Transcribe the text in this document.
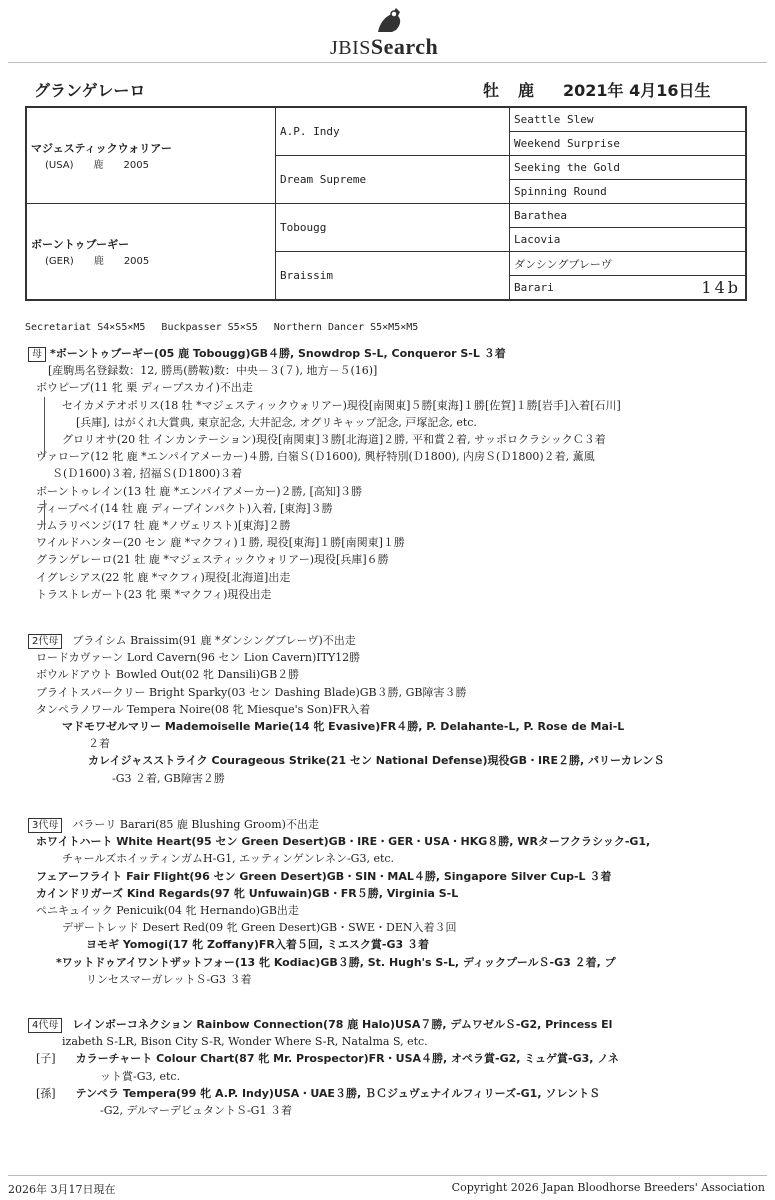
JBISSearch
グランゲレーロ	牡 鹿 2021年 4月16日生
マジェスティックウォリアー
(USA)　　鹿　　2005	A.P. Indy	Seattle Slew
		Weekend Surprise
	Dream Supreme	Seeking the Gold
		Spinning Round

ボーントゥブーギー
(GER)　　鹿　　2005	Tobougg	Barathea
		Lacovia
	Braissim	ダンシングブレーヴ
		Barari 14b
Secretariat S4×S5×M5　 Buckpasser S5×S5　 Northern Dancer S5×M5×M5
母 *ボーントゥブーギー(05 鹿 Tobougg)GB４勝, Snowdrop S-L, Conqueror S-L ３着
[産駒馬名登録数：12, 勝馬(勝鞍)数：中央－３(７), 地方－５(16)]
ボウピープ(11 牝 栗 ディープスカイ)不出走
セイカメテオポリス(18 牡 *マジェスティックウォリアー)現役[南関東]５勝[東海]１勝[佐賀]１勝[岩手]入着[石川]
[兵庫], はがくれ大賞典, 東京記念, 大井記念, オグリキャップ記念, 戸塚記念, etc.
グロリオサ(20 牡 インカンテーション)現役[南関東]３勝[北海道]２勝, 平和賞２着, サッポロクラシックＣ３着
ヴァローア(12 牝 鹿 *エンパイアメーカー)４勝, 白嶺Ｓ(Ｄ1600), 興杼特別(Ｄ1800), 内房Ｓ(Ｄ1800)２着, 薫風
Ｓ(Ｄ1600)３着, 招福Ｓ(Ｄ1800)３着
ボーントゥレイン(13 牡 鹿 *エンパイアメーカー)２勝, [高知]３勝
ディープベイ(14 牡 鹿 ディープインパクト)入着, [東海]３勝
ナムラリベンジ(17 牡 鹿 *ノヴェリスト)[東海]２勝
ワイルドハンター(20 セン 鹿 *マクフィ)１勝, 現役[東海]１勝[南関東]１勝
グランゲレーロ(21 牡 鹿 *マジェスティックウォリアー)現役[兵庫]６勝
イグレシアス(22 牝 鹿 *マクフィ)現役[北海道]出走
トラストレガート(23 牝 栗 *マクフィ)現役出走
2代母 ブライシム Braissim(91 鹿 *ダンシングブレーヴ)不出走
ロードカヴァーン Lord Cavern(96 セン Lion Cavern)ITY12勝
ボウルドアウト Bowled Out(02 牝 Dansili)GB２勝
ブライトスパークリー Bright Sparky(03 セン Dashing Blade)GB３勝, GB障害３勝
タンペラノワール Tempera Noire(08 牝 Miesque's Son)FR入着
マドモワゼルマリー Mademoiselle Marie(14 牝 Evasive)FR４勝, P. Delahante-L, P. Rose de Mai-L
２着
カレイジャスストライク Courageous Strike(21 セン National Defense)現役GB・IRE２勝, パリーカレンＳ
-G3 ２着, GB障害２勝
3代母 バラーリ Barari(85 鹿 Blushing Groom)不出走
ホワイトハート White Heart(95 セン Green Desert)GB・IRE・GER・USA・HKG８勝, WRターフクラシック-G1,
チャールズホイッティンガムH-G1, エッティンゲンレネン-G3, etc.
フェアーフライト Fair Flight(96 セン Green Desert)GB・SIN・MAL４勝, Singapore Silver Cup-L ３着
カインドリガーズ Kind Regards(97 牝 Unfuwain)GB・FR５勝, Virginia S-L
ペニキュイック Penicuik(04 牝 Hernando)GB出走
デザートレッド Desert Red(09 牝 Green Desert)GB・SWE・DEN入着３回
ヨモギ Yomogi(17 牝 Zoffany)FR入着５回, ミエスク賞-G3 ３着
*ワットドゥアイワントザットフォー(13 牝 Kodiac)GB３勝, St. Hugh's S-L, ディックプールＳ-G3 ２着, プ
リンセスマーガレットＳ-G3 ３着
4代母 レインボーコネクション Rainbow Connection(78 鹿 Halo)USA７勝, デムワゼルＳ-G2, Princess El
izabeth S-LR, Bison City S-R, Wonder Where S-R, Natalma S, etc.
[子] カラーチャート Colour Chart(87 牝 Mr. Prospector)FR・USA４勝, オペラ賞-G2, ミュゲ賞-G3, ノネ
ット賞-G3, etc.
[孫] テンペラ Tempera(99 牝 A.P. Indy)USA・UAE３勝, ＢＣジュヴェナイルフィリーズ-G1, ソレントＳ
-G2, デルマーデビュタントＳ-G1 ３着
2026年 3月17日現在	Copyright 2026 Japan Bloodhorse Breeders' Association
